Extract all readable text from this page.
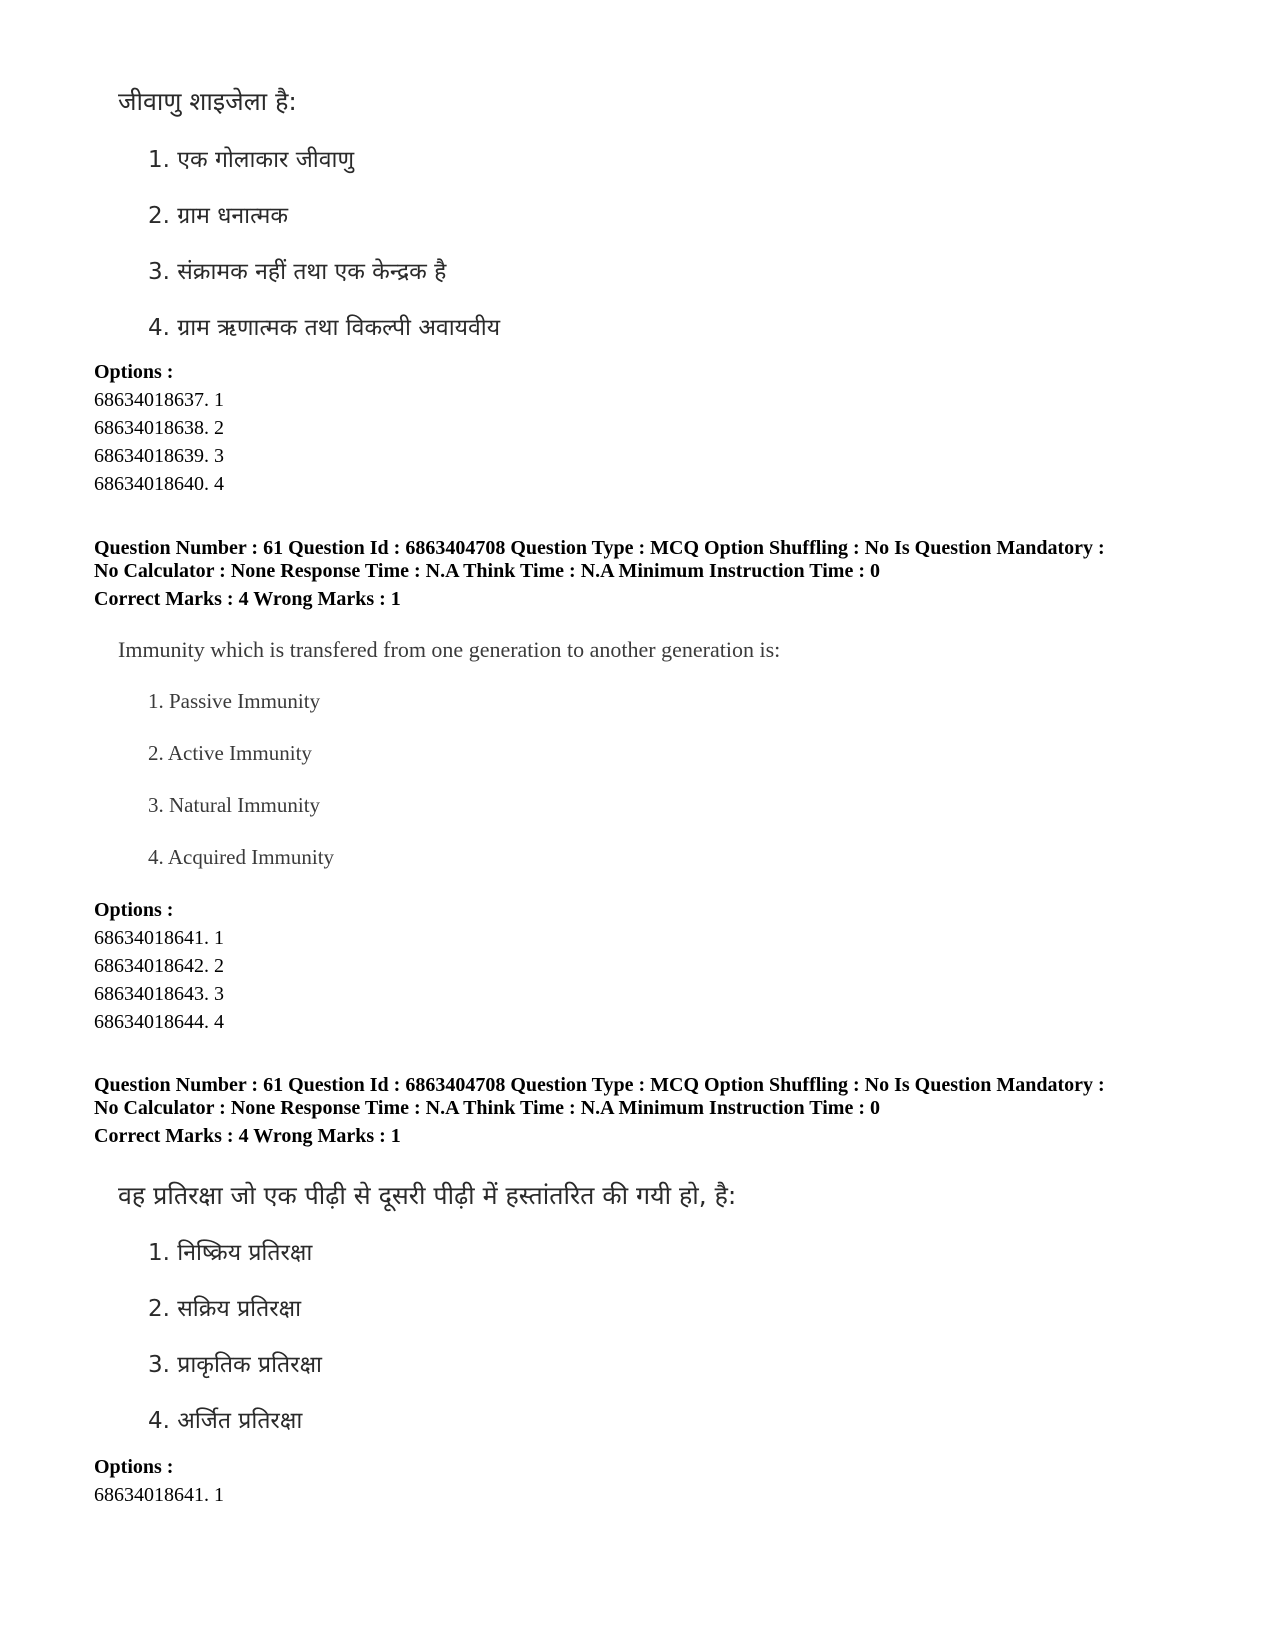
जीवाणु शाइजेला है:
1. एक गोलाकार जीवाणु
2. ग्राम धनात्मक
3. संक्रामक नहीं तथा एक केन्द्रक है
4. ग्राम ऋणात्मक तथा विकल्पी अवायवीय
Options :
68634018637. 1
68634018638. 2
68634018639. 3
68634018640. 4
Question Number : 61 Question Id : 6863404708 Question Type : MCQ Option Shuffling : No Is Question Mandatory :
No Calculator : None Response Time : N.A Think Time : N.A Minimum Instruction Time : 0
Correct Marks : 4 Wrong Marks : 1
Immunity which is transfered from one generation to another generation is:
1. Passive Immunity
2. Active Immunity
3. Natural Immunity
4. Acquired Immunity
Options :
68634018641. 1
68634018642. 2
68634018643. 3
68634018644. 4
Question Number : 61 Question Id : 6863404708 Question Type : MCQ Option Shuffling : No Is Question Mandatory :
No Calculator : None Response Time : N.A Think Time : N.A Minimum Instruction Time : 0
Correct Marks : 4 Wrong Marks : 1
वह प्रतिरक्षा जो एक पीढ़ी से दूसरी पीढ़ी में हस्तांतरित की गयी हो, है:
1. निष्क्रिय प्रतिरक्षा
2. सक्रिय प्रतिरक्षा
3. प्राकृतिक प्रतिरक्षा
4. अर्जित प्रतिरक्षा
Options :
68634018641. 1
